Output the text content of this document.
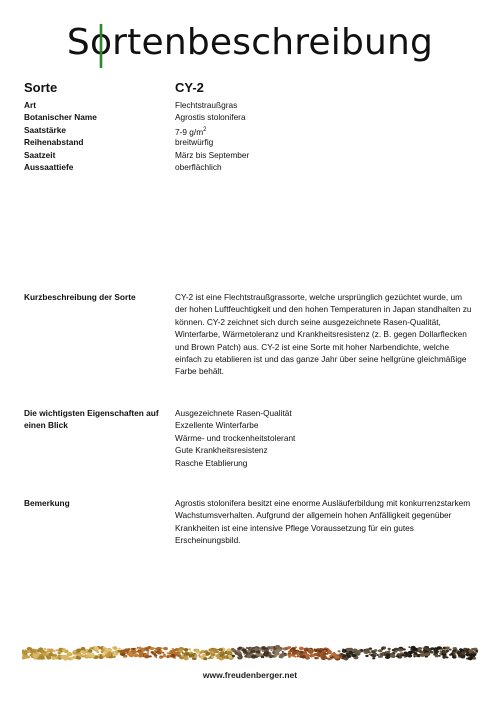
So
rtenbeschreibung
Sorte	CY-2
Art	Flechtstraußgras
Botanischer Name	Agrostis stolonifera
Saatstärke	7-9 $g/m^2$
Reihenabstand	breitwürfig
Saatzeit	März bis September
Aussaattiefe	oberflächlich
Kurzbeschreibung der Sorte	CY-2 ist eine Flechtstraußgrassorte, welche ursprünglich gezüchtet wurde, um
der hohen Luftfeuchtigkeit und den hohen Temperaturen in Japan standhalten zu
können. CY-2 zeichnet sich durch seine ausgezeichnete Rasen-Qualität,
Winterfarbe, Wärmetoleranz und Krankheitsresistenz (z. B. gegen Dollarflecken
und Brown Patch) aus. CY-2 ist eine Sorte mit hoher Narbendichte, welche
einfach zu etablieren ist und das ganze Jahr über seine hellgrüne gleichmäßige
Farbe behält.
Die wichtigsten Eigenschaften auf einen Blick
Ausgezeichnete Rasen-Qualität
Exzellente Winterfarbe
Wärme- und trockenheitstolerant
Gute Krankheitsresistenz
Rasche Etablierung
Bemerkung	Agrostis stolonifera besitzt eine enorme Ausläuferbildung mit konkurrenzstarkem
Wachstumsverhalten. Aufgrund der allgemein hohen Anfälligkeit gegenüber
Krankheiten ist eine intensive Pflege Voraussetzung für ein gutes
Erscheinungsbild.
www.freudenberger.net
